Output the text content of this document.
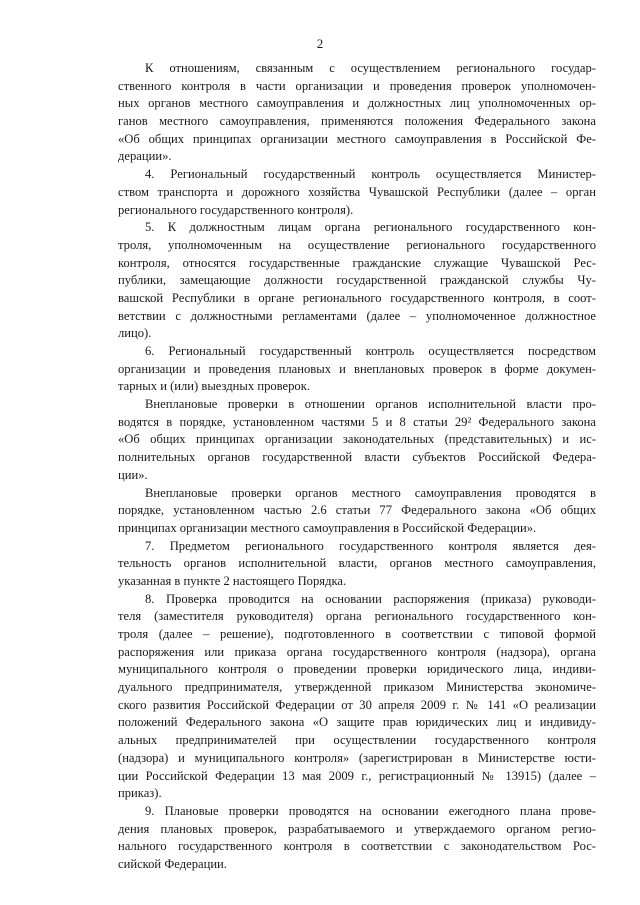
2
К отношениям, связанным с осуществлением регионального государ-
ственного контроля в части организации и проведения проверок уполномочен-
ных органов местного самоуправления и должностных лиц уполномоченных ор-
ганов местного самоуправления, применяются положения Федерального закона
«Об общих принципах организации местного самоуправления в Российской Фе-
дерации».
4. Региональный государственный контроль осуществляется Министер-
ством транспорта и дорожного хозяйства Чувашской Республики (далее – орган
регионального государственного контроля).
5. К должностным лицам органа регионального государственного кон-
троля, уполномоченным на осуществление регионального государственного
контроля, относятся государственные гражданские служащие Чувашской Рес-
публики, замещающие должности государственной гражданской службы Чу-
вашской Республики в органе регионального государственного контроля, в соот-
ветствии с должностными регламентами (далее – уполномоченное должностное
лицо).
6. Региональный государственный контроль осуществляется посредством
организации и проведения плановых и внеплановых проверок в форме докумен-
тарных и (или) выездных проверок.
Внеплановые проверки в отношении органов исполнительной власти про-
водятся в порядке, установленном частями 5 и 8 статьи 29² Федерального закона
«Об общих принципах организации законодательных (представительных) и ис-
полнительных органов государственной власти субъектов Российской Федера-
ции».
Внеплановые проверки органов местного самоуправления проводятся в
порядке, установленном частью 2.6 статьи 77 Федерального закона «Об общих
принципах организации местного самоуправления в Российской Федерации».
7. Предметом регионального государственного контроля является дея-
тельность органов исполнительной власти, органов местного самоуправления,
указанная в пункте 2 настоящего Порядка.
8. Проверка проводится на основании распоряжения (приказа) руководи-
теля (заместителя руководителя) органа регионального государственного кон-
троля (далее – решение), подготовленного в соответствии с типовой формой
распоряжения или приказа органа государственного контроля (надзора), органа
муниципального контроля о проведении проверки юридического лица, индиви-
дуального предпринимателя, утвержденной приказом Министерства экономиче-
ского развития Российской Федерации от 30 апреля 2009 г. № 141 «О реализации
положений Федерального закона «О защите прав юридических лиц и индивиду-
альных предпринимателей при осуществлении государственного контроля
(надзора) и муниципального контроля» (зарегистрирован в Министерстве юсти-
ции Российской Федерации 13 мая 2009 г., регистрационный № 13915) (далее –
приказ).
9. Плановые проверки проводятся на основании ежегодного плана прове-
дения плановых проверок, разрабатываемого и утверждаемого органом регио-
нального государственного контроля в соответствии с законодательством Рос-
сийской Федерации.
